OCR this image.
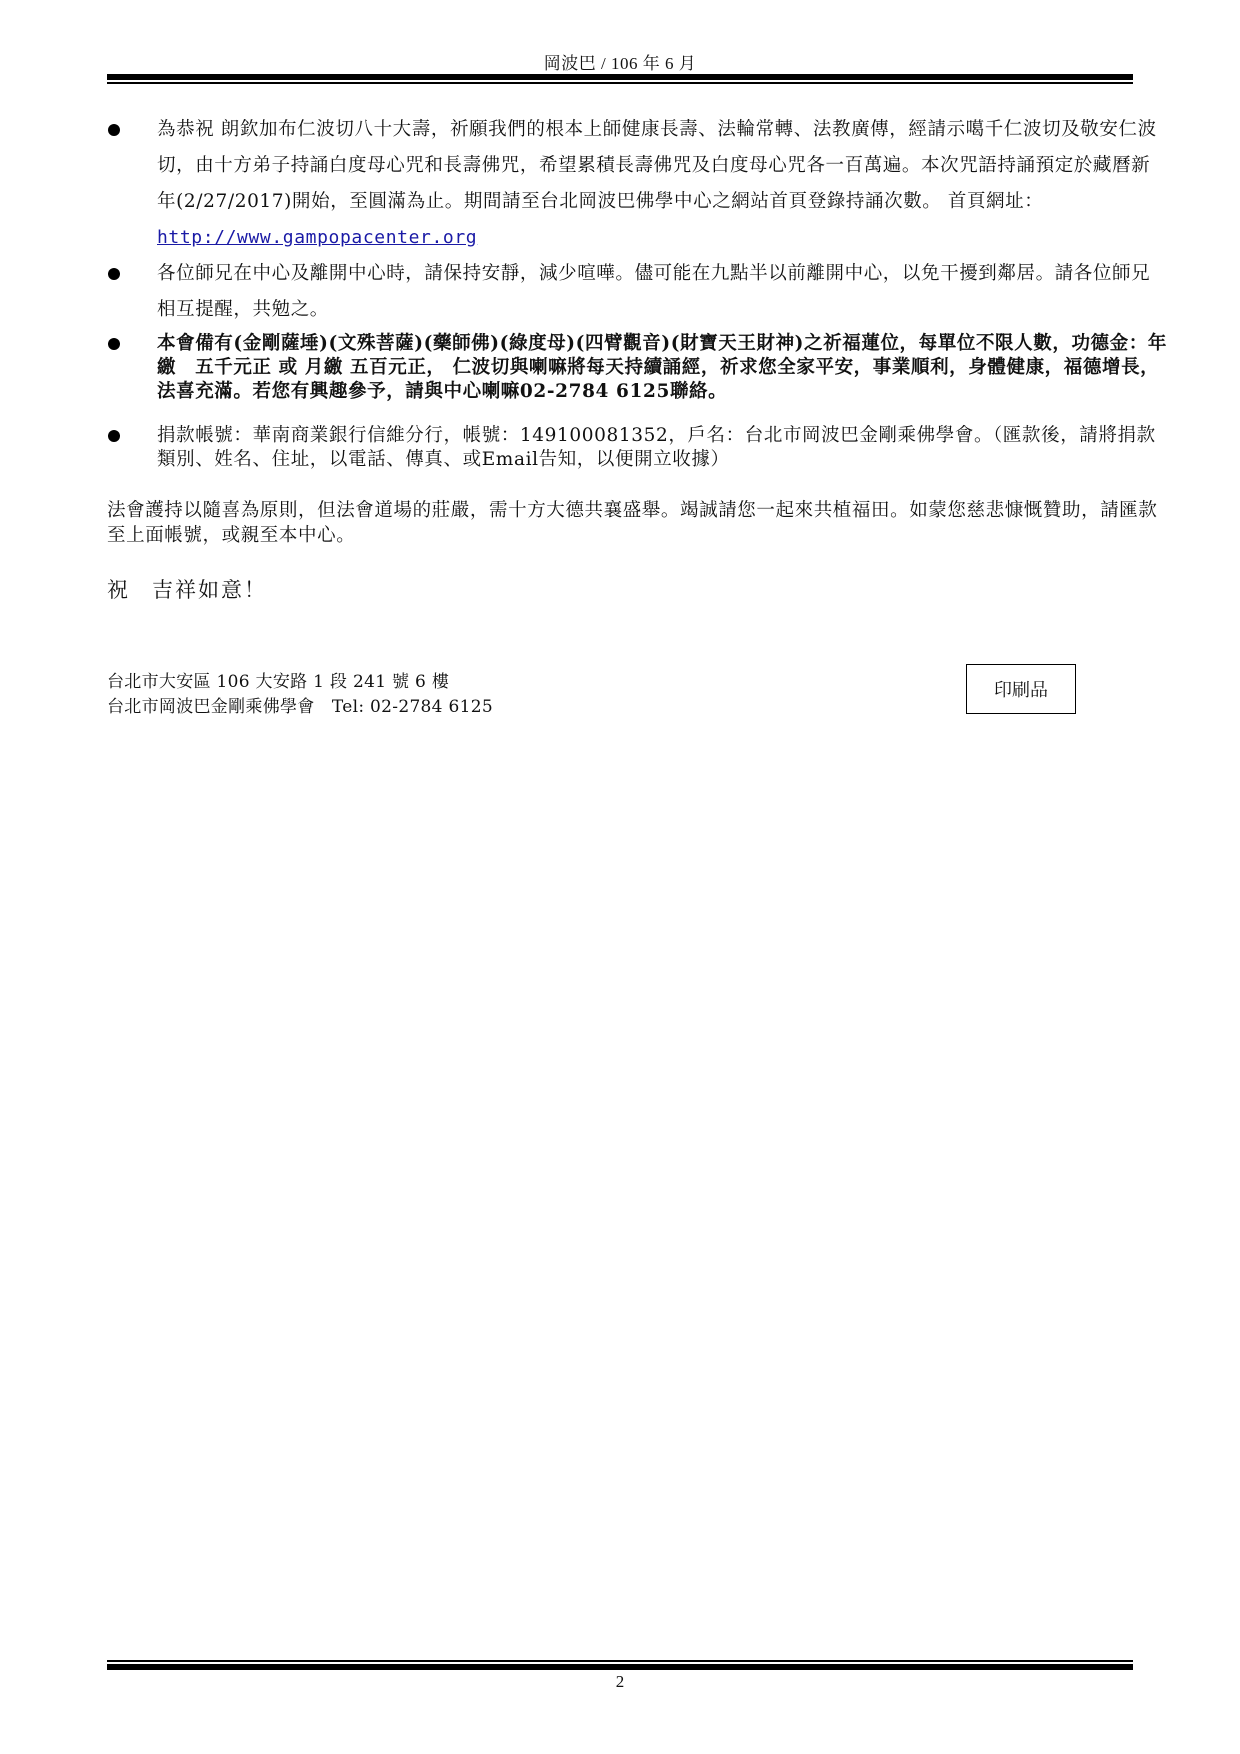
岡波巴 / 106 年 6 月
為恭祝 朗欽加布仁波切八十大壽，祈願我們的根本上師健康長壽、法輪常轉、法教廣傳，經請示噶千仁波切及敬安仁波切，由十方弟子持誦白度母心咒和長壽佛咒，希望累積長壽佛咒及白度母心咒各一百萬遍。本次咒語持誦預定於藏曆新年(2/27/2017)開始，至圓滿為止。期間請至台北岡波巴佛學中心之網站首頁登錄持誦次數。 首頁網址：http://www.gampopacenter.org
各位師兄在中心及離開中心時，請保持安靜，減少喧嘩。儘可能在九點半以前離開中心，以免干擾到鄰居。請各位師兄相互提醒，共勉之。
本會備有(金剛薩埵)(文殊菩薩)(藥師佛)(綠度母)(四臂觀音)(財寶天王財神)之祈福蓮位，每單位不限人數，功德金：年繳　五千元正 或 月繳 五百元正， 仁波切與喇嘛將每天持續誦經，祈求您全家平安，事業順利，身體健康，福德增長，法喜充滿。若您有興趣參予，請與中心喇嘛02-2784 6125聯絡。
捐款帳號：華南商業銀行信維分行，帳號：149100081352，戶名：台北市岡波巴金剛乘佛學會。（匯款後，請將捐款類別、姓名、住址，以電話、傳真、或Email告知，以便開立收據）
法會護持以隨喜為原則，但法會道場的莊嚴，需十方大德共襄盛舉。竭誠請您一起來共植福田。如蒙您慈悲慷慨贊助，請匯款至上面帳號，或親至本中心。
祝 吉祥如意！
台北市大安區 106 大安路 1 段 241 號 6 樓
台北市岡波巴金剛乘佛學會　Tel: 02-2784 6125
印刷品
2
